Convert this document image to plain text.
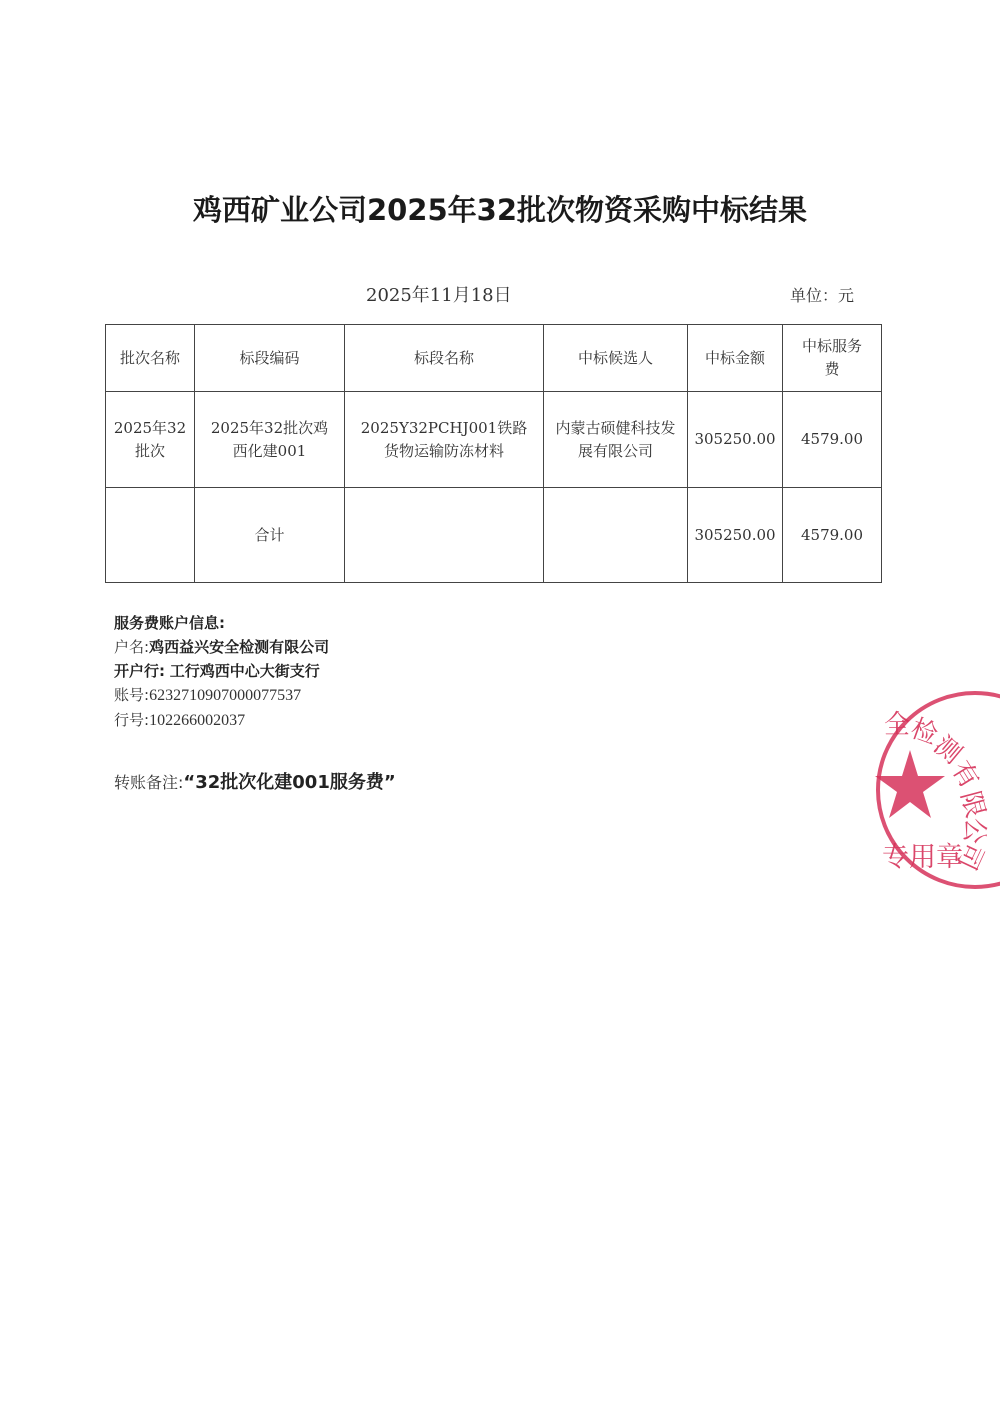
鸡西矿业公司2025年32批次物资采购中标结果
2025年11月18日	单位：元
批次名称	标段编码	标段名称	中标候选人	中标金额	中标服务费
2025年32批次	2025年32批次鸡西化建001	2025Y32PCHJ001铁路货物运输防冻材料	内蒙古硕健科技发展有限公司	305250.00	4579.00
	合计			305250.00	4579.00
服务费账户信息:
户名:鸡西益兴安全检测有限公司
开户行: 工行鸡西中心大街支行
账号:6232710907000077537
行号:102266002037
转账备注:“32批次化建001服务费”
全
检
测
有
限
公
司
专用章
